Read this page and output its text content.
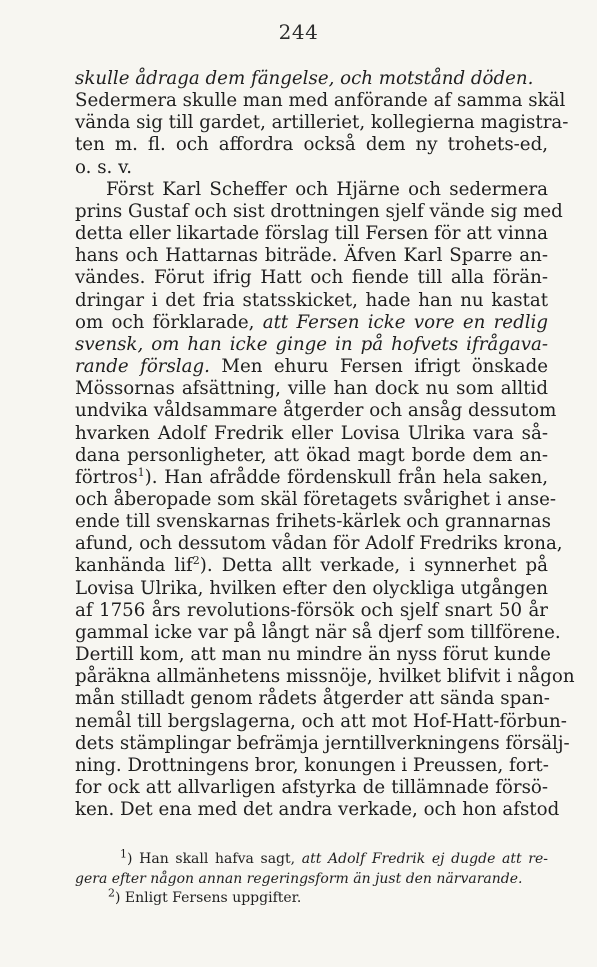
244
skulle ådraga dem fängelse, och motstånd döden.
Sedermera skulle man med anförande af samma skäl
vända sig till gardet, artilleriet, kollegierna magistra-
ten m. fl. och affordra också dem ny trohets-ed,
o. s. v.
Först Karl Scheffer och Hjärne och sedermera
prins Gustaf och sist drottningen sjelf vände sig med
detta eller likartade förslag till Fersen för att vinna
hans och Hattarnas biträde. Äfven Karl Sparre an-
vändes. Förut ifrig Hatt och fiende till alla förän-
dringar i det fria statsskicket, hade han nu kastat
om och förklarade, att Fersen icke vore en redlig
svensk, om han icke ginge in på hofvets ifrågava-
rande förslag. Men ehuru Fersen ifrigt önskade
Mössornas afsättning, ville han dock nu som alltid
undvika våldsammare åtgerder och ansåg dessutom
hvarken Adolf Fredrik eller Lovisa Ulrika vara så-
dana personligheter, att ökad magt borde dem an-
förtros$^1$). Han afrådde fördenskull från hela saken,
och åberopade som skäl företagets svårighet i anse-
ende till svenskarnas frihets-kärlek och grannarnas
afund, och dessutom vådan för Adolf Fredriks krona,
kanhända lif$^2$). Detta allt verkade, i synnerhet på
Lovisa Ulrika, hvilken efter den olyckliga utgången
af 1756 års revolutions-försök och sjelf snart 50 år
gammal icke var på långt när så djerf som tillförene.
Dertill kom, att man nu mindre än nyss förut kunde
påräkna allmänhetens missnöje, hvilket blifvit i någon
mån stilladt genom rådets åtgerder att sända span-
nemål till bergslagerna, och att mot Hof-Hatt-förbun-
dets stämplingar befrämja jerntillverkningens försälj-
ning. Drottningens bror, konungen i Preussen, fort-
for ock att allvarligen afstyrka de tillämnade försö-
ken. Det ena med det andra verkade, och hon afstod
$^1$) Han skall hafva sagt, att Adolf Fredrik ej dugde att re-
gera efter någon annan regeringsform än just den närvarande.
$^2$) Enligt Fersens uppgifter.
